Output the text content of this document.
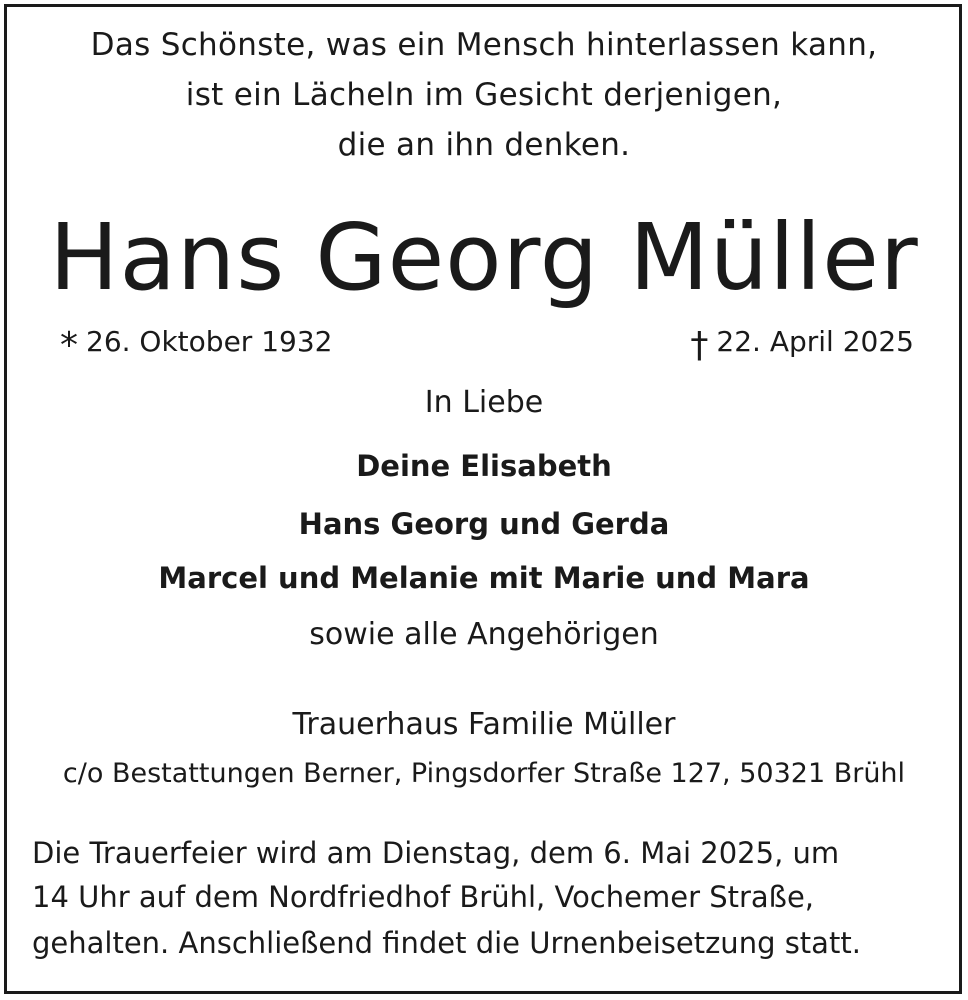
Das Schönste, was ein Mensch hinterlassen kann,
ist ein Lächeln im Gesicht derjenigen,
die an ihn denken.
Hans Georg Müller
* 26. Oktober 1932	† 22. April 2025
In Liebe
Deine Elisabeth
Hans Georg und Gerda
Marcel und Melanie mit Marie und Mara
sowie alle Angehörigen
Trauerhaus Familie Müller
c/o Bestattungen Berner, Pingsdorfer Straße 127, 50321 Brühl
Die Trauerfeier wird am Dienstag, dem 6. Mai 2025, um
14 Uhr auf dem Nordfriedhof Brühl, Vochemer Straße,
gehalten. Anschließend findet die Urnenbeisetzung statt.
